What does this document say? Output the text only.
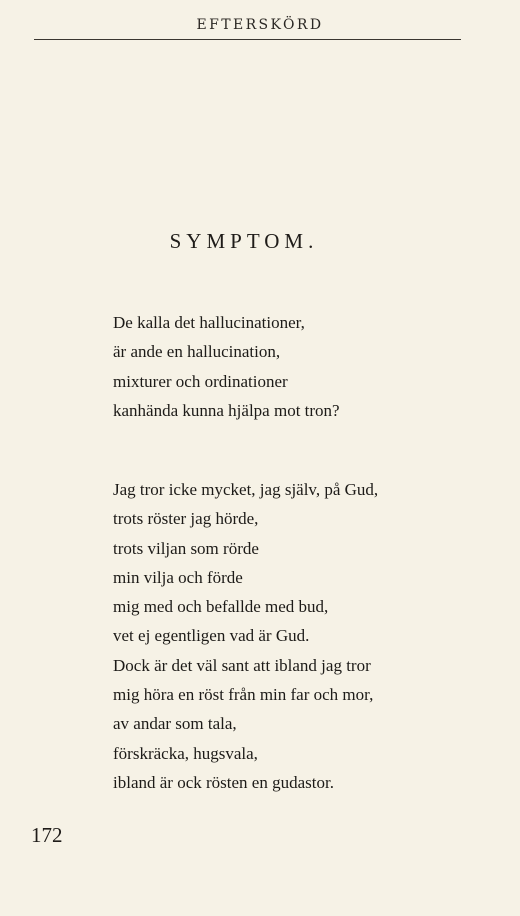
EFTERSKÖRD
SYMPTOM.
De kalla det hallucinationer,
är ande en hallucination,
mixturer och ordinationer
kanhända kunna hjälpa mot tron?
Jag tror icke mycket, jag själv, på Gud,
trots röster jag hörde,
trots viljan som rörde
min vilja och förde
mig med och befallde med bud,
vet ej egentligen vad är Gud.
Dock är det väl sant att ibland jag tror
mig höra en röst från min far och mor,
av andar som tala,
förskräcka, hugsvala,
ibland är ock rösten en gudastor.
172
